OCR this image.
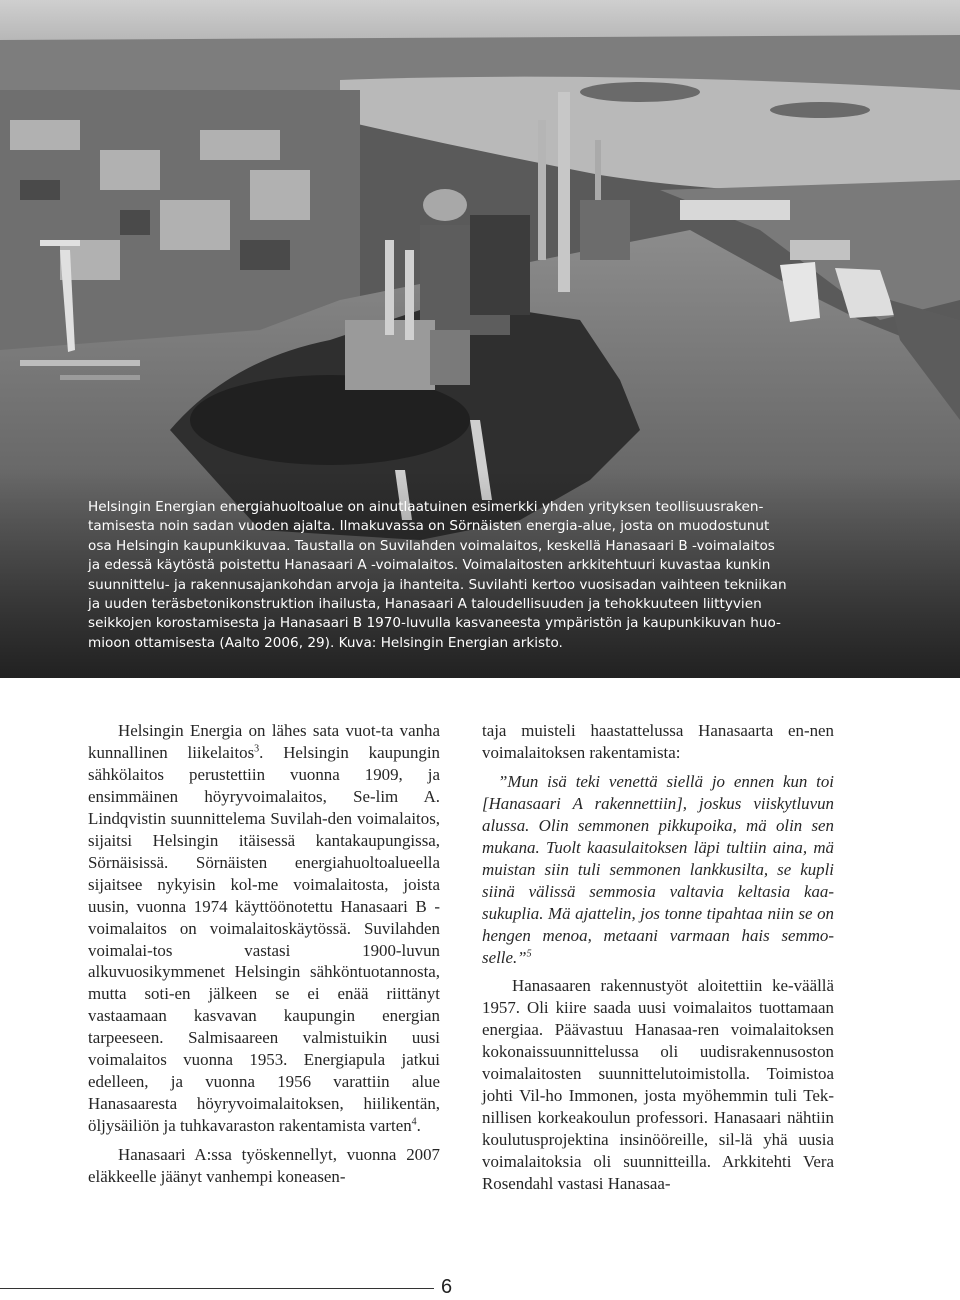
Helsingin Energian energiahuoltoalue on ainutlaatuinen esimerkki yhden yrityksen teollisuusraken-
tamisesta noin sadan vuoden ajalta. Ilmakuvassa on Sörnäisten energia-alue, josta on muodostunut
osa Helsingin kaupunkikuvaa. Taustalla on Suvilahden voimalaitos, keskellä Hanasaari B -voimalaitos
ja edessä käytöstä poistettu Hanasaari A -voimalaitos. Voimalaitosten arkkitehtuuri kuvastaa kunkin
suunnittelu- ja rakennusajankohdan arvoja ja ihanteita. Suvilahti kertoo vuosisadan vaihteen tekniikan
ja uuden teräsbetonikonstruktion ihailusta, Hanasaari A taloudellisuuden ja tehokkuuteen liittyvien
seikkojen korostamisesta ja Hanasaari B 1970-luvulla kasvaneesta ympäristön ja kaupunkikuvan huo-
mioon ottamisesta (Aalto 2006, 29). Kuva: Helsingin Energian arkisto.

Helsingin Energia on lähes sata vuot-ta vanha kunnallinen liikelaitos$^3$. Helsingin kaupungin sähkölaitos perustettiin vuonna 1909, ja ensimmäinen höyryvoimalaitos, Se-lim A. Lindqvistin suunnittelema Suvilah-den voimalaitos, sijaitsi Helsingin itäisessä kantakaupungissa, Sörnäisissä. Sörnäisten energiahuoltoalueella sijaitsee nykyisin kol-me voimalaitosta, joista uusin, vuonna 1974 käyttöönotettu Hanasaari B -voimalaitos on voimalaitoskäytössä. Suvilahden voimalai-tos vastasi 1900-luvun alkuvuosikymmenet Helsingin sähköntuotannosta, mutta soti-en jälkeen se ei enää riittänyt vastaamaan kasvavan kaupungin energian tarpeeseen. Salmisaareen valmistuikin uusi voimalaitos vuonna 1953. Energiapula jatkui edelleen, ja vuonna 1956 varattiin alue Hanasaaresta höyryvoimalaitoksen, hiilikentän, öljysäiliön ja tuhkavaraston rakentamista varten$^4$.

Hanasaari A:ssa työskennellyt, vuonna 2007 eläkkeelle jäänyt vanhempi koneasen-

taja muisteli haastattelussa Hanasaarta en-nen voimalaitoksen rakentamista:

”Mun isä teki venettä siellä jo ennen kun toi [Hanasaari A rakennettiin], joskus viiskytluvun alussa. Olin semmonen pikkupoika, mä olin sen mukana. Tuolt kaasulaitoksen läpi tultiin aina, mä muistan siin tuli semmonen lankkusilta, se kupli siinä välissä semmosia valtavia keltasia kaa-sukuplia. Mä ajattelin, jos tonne tipahtaa niin se on hengen menoa, metaani varmaan hais semmo-selle.”$^5$

Hanasaaren rakennustyöt aloitettiin ke-väällä 1957. Oli kiire saada uusi voimalaitos tuottamaan energiaa. Päävastuu Hanasaa-ren voimalaitoksen kokonaissuunnittelussa oli uudisrakennusoston voimalaitosten suunnittelutoimistolla. Toimistoa johti Vil-ho Immonen, josta myöhemmin tuli Tek-nillisen korkeakoulun professori. Hanasaari nähtiin koulutusprojektina insinööreille, sil-lä yhä uusia voimalaitoksia oli suunnitteilla. Arkkitehti Vera Rosendahl vastasi Hanasaa-

6
